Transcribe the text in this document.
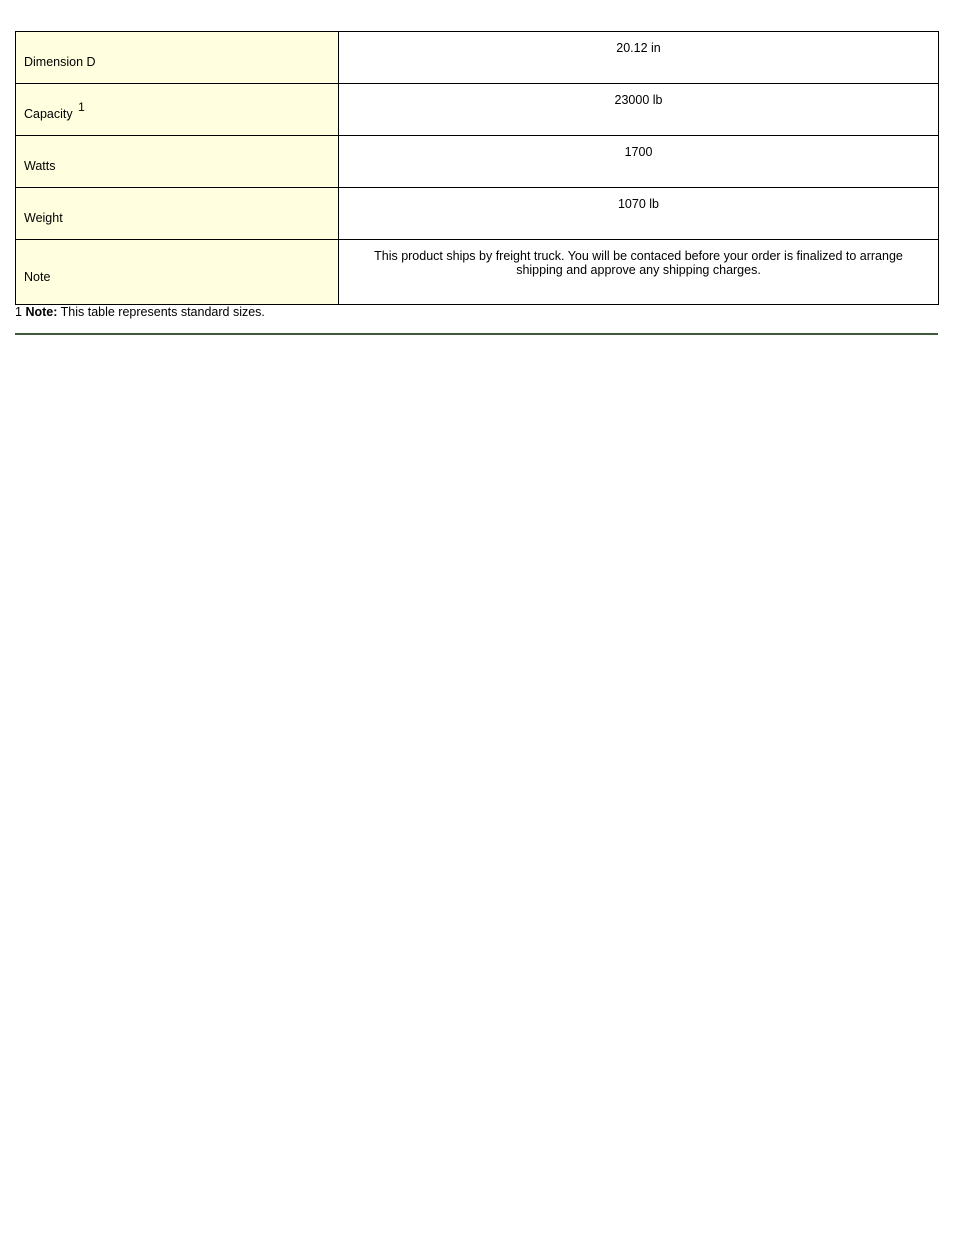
Dimension D	20.12 in

Capacity $^1$	23000 lb

Watts	1700

Weight	1070 lb

Note	This product ships by freight truck. You will be contaced before your order is finalized to arrange shipping and approve any shipping charges.
1 Note: This table represents standard sizes.
